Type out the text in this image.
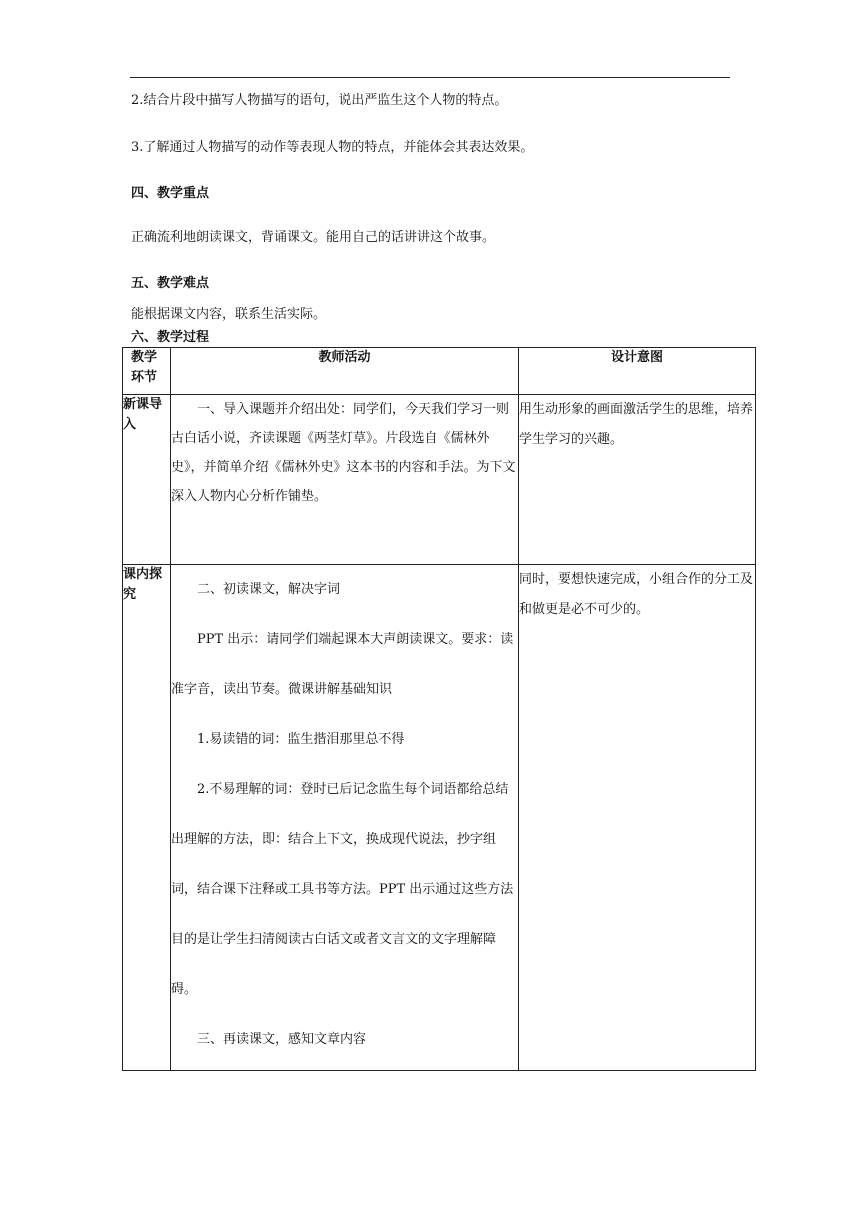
2.结合片段中描写人物描写的语句，说出严监生这个人物的特点。
3.了解通过人物描写的动作等表现人物的特点，并能体会其表达效果。
四、教学重点
正确流利地朗读课文，背诵课文。能用自己的话讲讲这个故事。
五、教学难点
能根据课文内容，联系生活实际。
六、教学过程
教学环节	教师活动	设计意图
新课导入	一、导入课题并介绍出处：同学们，今天我们学习一则古白话小说，齐读课题《两茎灯草》。片段选自《儒林外史》，并简单介绍《儒林外史》这本书的内容和手法。为下文深入人物内心分析作铺垫。	用生动形象的画面激活学生的思维，培养学生学习的兴趣。
课内探究	二、初读课文，解决字词

PPT 出示：请同学们端起课本大声朗读课文。要求：读准字音，读出节奏。微课讲解基础知识

1.易读错的词：监生揩泪那里总不得

2.不易理解的词：登时已后记念监生每个词语都给总结出理解的方法，即：结合上下文，换成现代说法，抄字组词，结合课下注释或工具书等方法。PPT 出示通过这些方法目的是让学生扫清阅读古白话文或者文言文的文字理解障碍。

三、再读课文，感知文章内容	同时，要想快速完成，小组合作的分工及和做更是必不可少的。
